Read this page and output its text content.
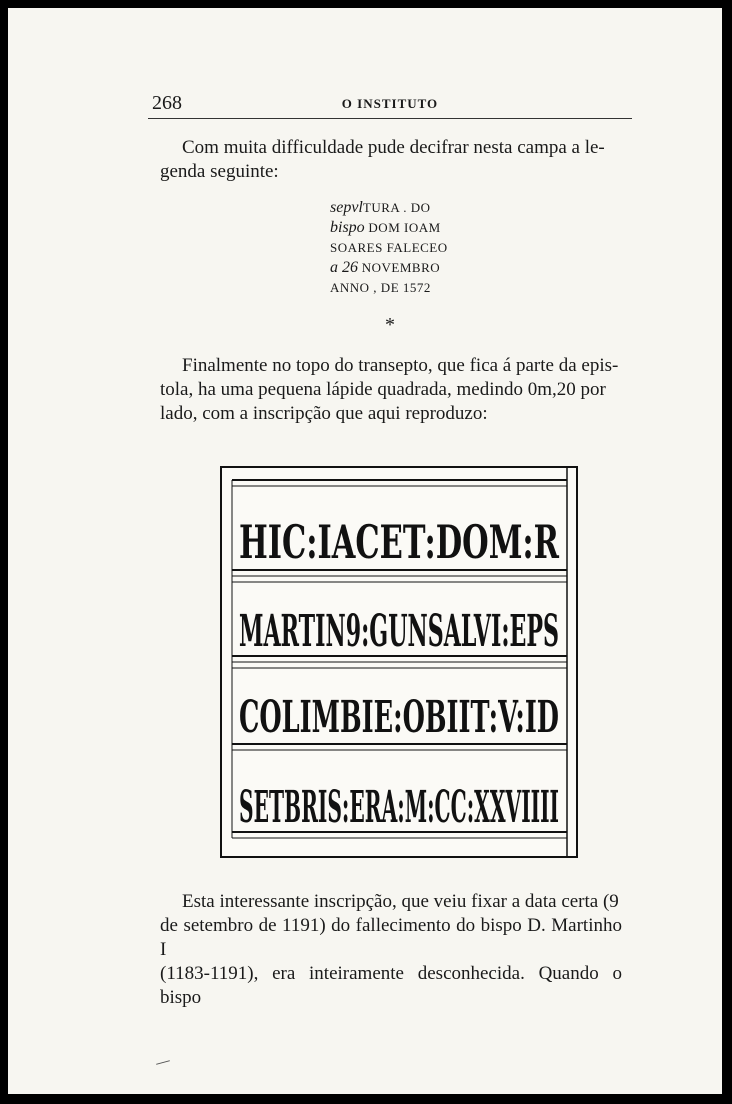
268	O INSTITUTO
Com muita difficuldade pude decifrar nesta campa a le-
genda seguinte:
sepvlTURA . DO
bispo DOM IOAM
SOARES FALECEO
a 26 NOVEMBRO
ANNO , DE 1572
*
Finalmente no topo do transepto, que fica á parte da epis-
tola, ha uma pequena lápide quadrada, medindo 0m,20 por
lado, com a inscripção que aqui reproduzo:
HIC:IACET:DOM:R
MARTIN9:GUNSALVI:EPS
COLIMBIE:OBIIT:V:ID
SETBRIS:ERA:M:CC:XXVIIII
Esta interessante inscripção, que veiu fixar a data certa (9
de setembro de 1191) do fallecimento do bispo D. Martinho I
(1183-1191), era inteiramente desconhecida. Quando o bispo
